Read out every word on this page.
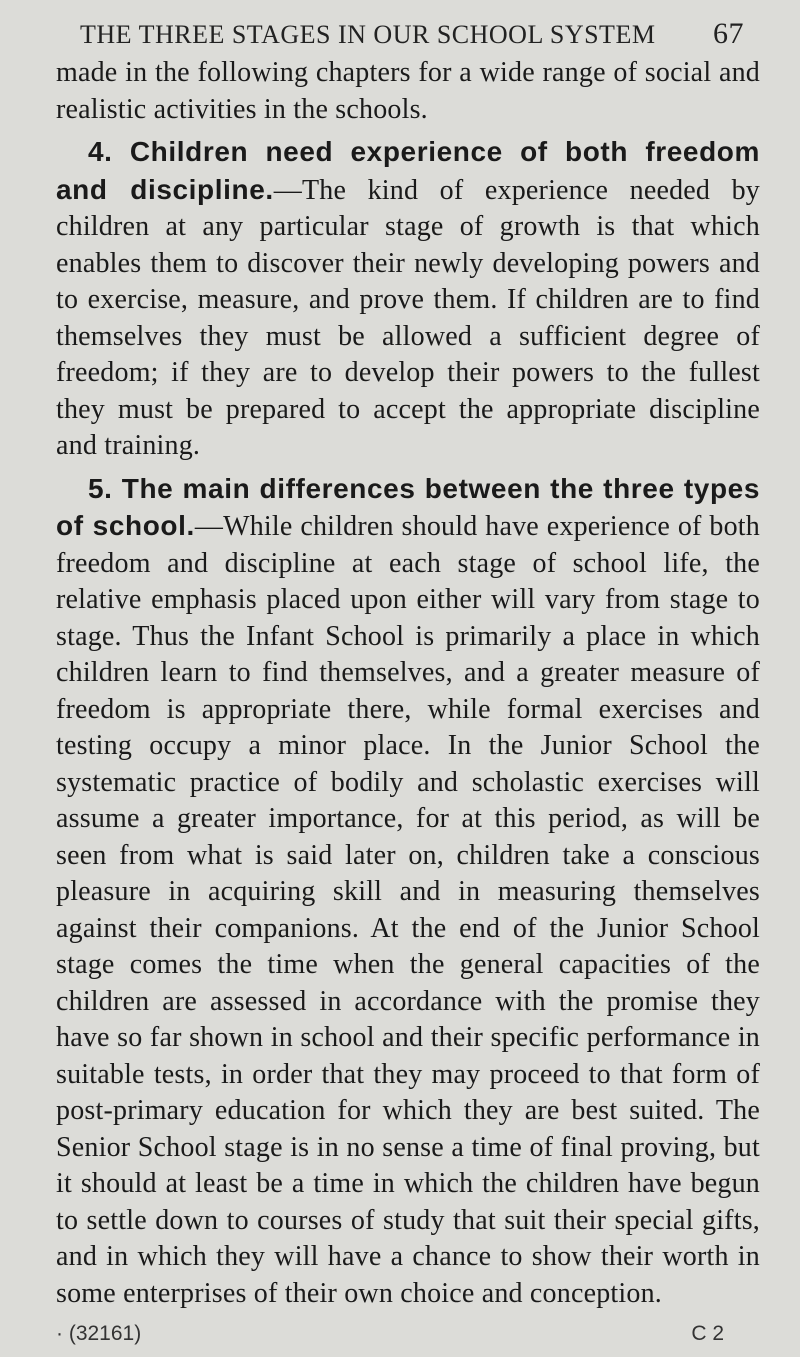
THE THREE STAGES IN OUR SCHOOL SYSTEM 67

made in the following chapters for a wide range of social and realistic activities in the schools.

4. Children need experience of both freedom and discipline.—The kind of experience needed by children at any particular stage of growth is that which enables them to discover their newly developing powers and to exercise, measure, and prove them. If children are to find themselves they must be allowed a sufficient degree of freedom; if they are to develop their powers to the fullest they must be prepared to accept the appropriate discipline and training.

5. The main differences between the three types of school.—While children should have experience of both freedom and discipline at each stage of school life, the relative emphasis placed upon either will vary from stage to stage. Thus the Infant School is primarily a place in which children learn to find themselves, and a greater measure of freedom is appropriate there, while formal exercises and testing occupy a minor place. In the Junior School the systematic practice of bodily and scholastic exercises will assume a greater importance, for at this period, as will be seen from what is said later on, children take a conscious pleasure in acquiring skill and in measuring themselves against their companions. At the end of the Junior School stage comes the time when the general capacities of the children are assessed in accordance with the promise they have so far shown in school and their specific performance in suitable tests, in order that they may proceed to that form of post-primary education for which they are best suited. The Senior School stage is in no sense a time of final proving, but it should at least be a time in which the children have begun to settle down to courses of study that suit their special gifts, and in which they will have a chance to show their worth in some enterprises of their own choice and conception.

· (32161)	C 2
